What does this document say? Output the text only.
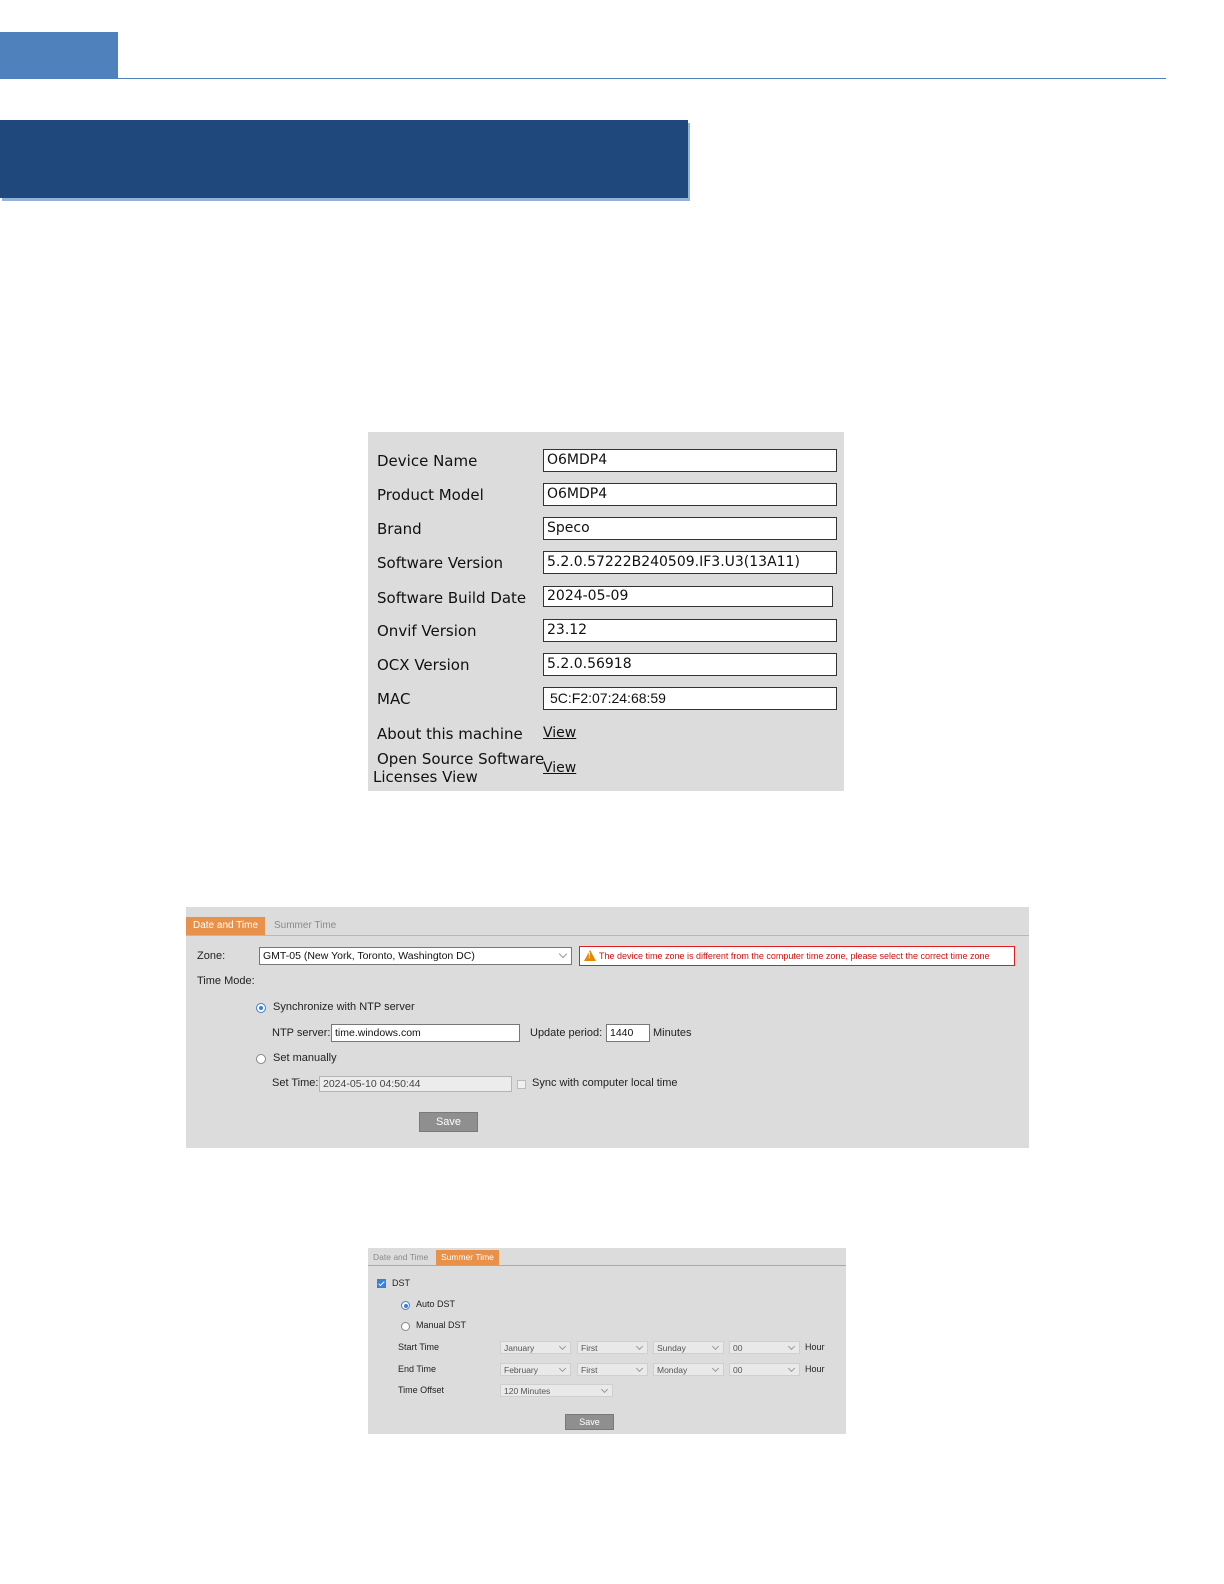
Device Name	O6MDP4
Product Model	O6MDP4
Brand	Speco
Software Version	5.2.0.57222B240509.IF3.U3(13A11)
Software Build Date 2024-05-09
Onvif Version	23.12
OCX Version	5.2.0.56918
MAC	5C:F2:07:24:68:59
About this machine View
Open Source Software
Licenses View	View
Date and Time	Summer Time
Zone:	GMT-05 (New York, Toronto, Washington DC)	! The device time zone is different from the computer time zone, please select the correct time zone
Time Mode:
Synchronize with NTP server
NTP server: time.windows.com	Update period: 1440	Minutes
Set manually
Set Time: 2024-05-10 04:50:44	Sync with computer local time
Save
Date and Time	Summer Time
DST
Auto DST
Manual DST
Start Time	January	First	Sunday	00	Hour
End Time	February	First	Monday	00	Hour
Time Offset	120 Minutes
Save
